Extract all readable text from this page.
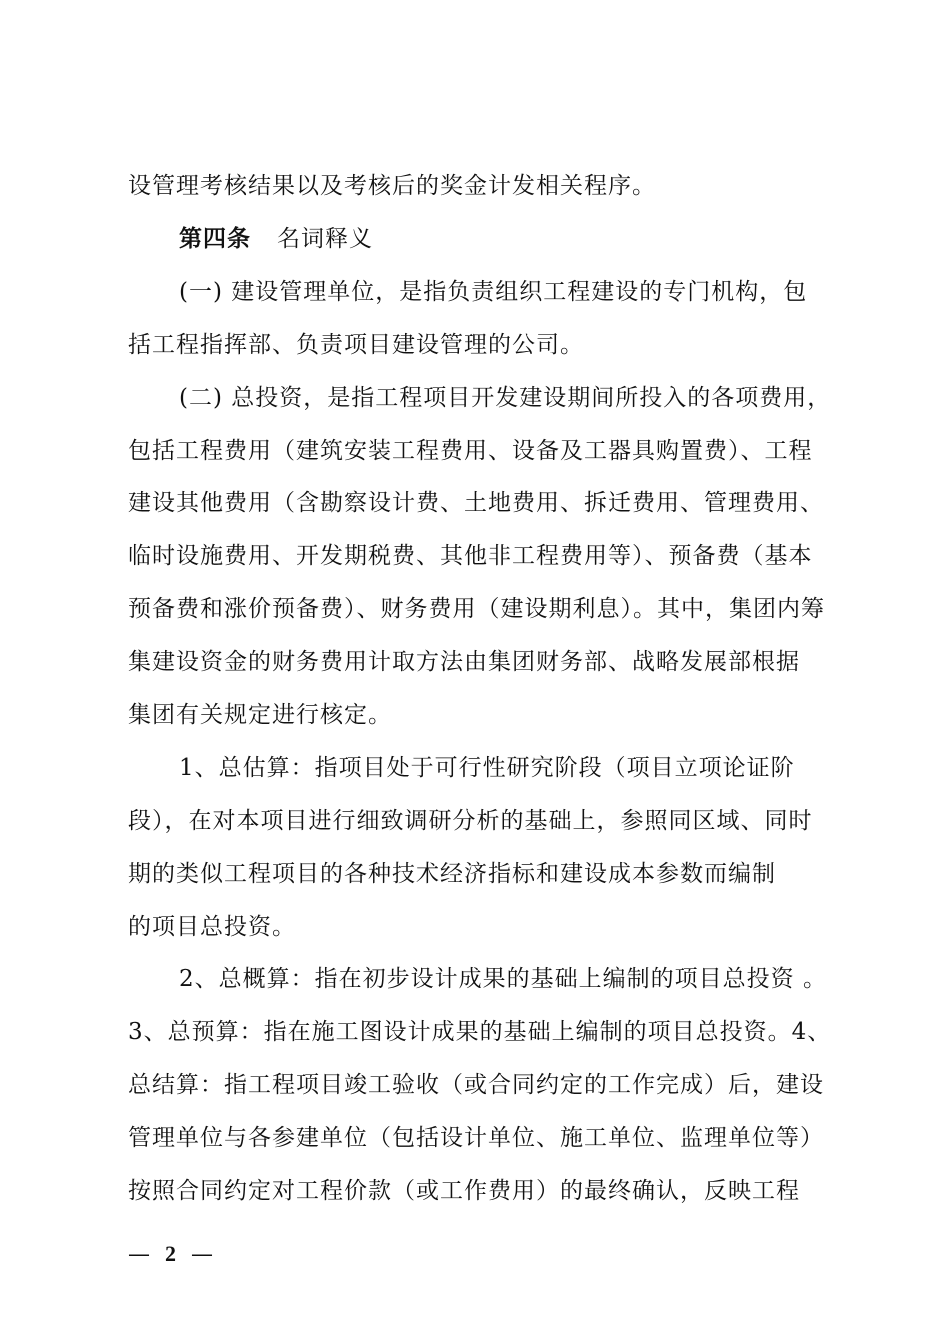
设管理考核结果以及考核后的奖金计发相关程序。
第四条 名词释义
(一) 建设管理单位，是指负责组织工程建设的专门机构，包
括工程指挥部、负责项目建设管理的公司。
(二) 总投资，是指工程项目开发建设期间所投入的各项费用，
包括工程费用（建筑安装工程费用、设备及工器具购置费）、工程
建设其他费用（含勘察设计费、土地费用、拆迁费用、管理费用、
临时设施费用、开发期税费、其他非工程费用等）、预备费（基本
预备费和涨价预备费）、财务费用（建设期利息）。其中，集团内筹
集建设资金的财务费用计取方法由集团财务部、战略发展部根据
集团有关规定进行核定。
1、总估算：指项目处于可行性研究阶段（项目立项论证阶
段），在对本项目进行细致调研分析的基础上，参照同区域、同时
期的类似工程项目的各种技术经济指标和建设成本参数而编制
的项目总投资。
2、总概算：指在初步设计成果的基础上编制的项目总投资 。
3、总预算：指在施工图设计成果的基础上编制的项目总投资。4、
总结算：指工程项目竣工验收（或合同约定的工作完成）后，建设
管理单位与各参建单位（包括设计单位、施工单位、监理单位等）
按照合同约定对工程价款（或工作费用）的最终确认，反映工程
— 2 —
